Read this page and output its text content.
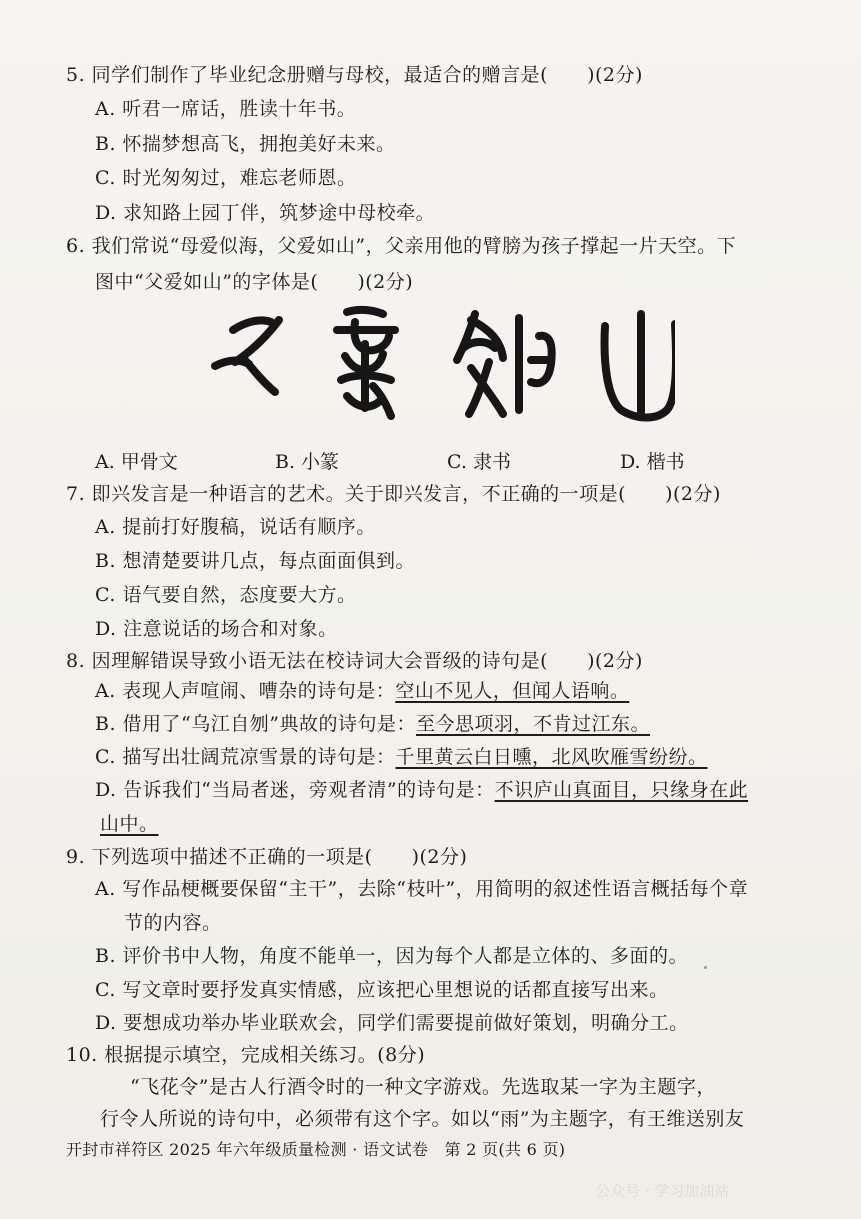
5. 同学们制作了毕业纪念册赠与母校，最适合的赠言是(　　)(2分)
A. 听君一席话，胜读十年书。
B. 怀揣梦想高飞，拥抱美好未来。
C. 时光匆匆过，难忘老师恩。
D. 求知路上园丁伴，筑梦途中母校牵。
6. 我们常说“母爱似海，父爱如山”，父亲用他的臂膀为孩子撑起一片天空。下
图中“父爱如山”的字体是(　　)(2分)
A. 甲骨文	B. 小篆	C. 隶书	D. 楷书
7. 即兴发言是一种语言的艺术。关于即兴发言，不正确的一项是(　　)(2分)
A. 提前打好腹稿，说话有顺序。
B. 想清楚要讲几点，每点面面俱到。
C. 语气要自然，态度要大方。
D. 注意说话的场合和对象。
8. 因理解错误导致小语无法在校诗词大会晋级的诗句是(　　)(2分)
A. 表现人声喧闹、嘈杂的诗句是：空山不见人，但闻人语响。
B. 借用了“乌江自刎”典故的诗句是：至今思项羽，不肯过江东。
C. 描写出壮阔荒凉雪景的诗句是：千里黄云白日曛，北风吹雁雪纷纷。
D. 告诉我们“当局者迷，旁观者清”的诗句是：不识庐山真面目，只缘身在此
山中。
9. 下列选项中描述不正确的一项是(　　)(2分)
A. 写作品梗概要保留“主干”，去除“枝叶”，用简明的叙述性语言概括每个章
节的内容。
B. 评价书中人物，角度不能单一，因为每个人都是立体的、多面的。
C. 写文章时要抒发真实情感，应该把心里想说的话都直接写出来。
D. 要想成功举办毕业联欢会，同学们需要提前做好策划，明确分工。
10. 根据提示填空，完成相关练习。(8分)
“飞花令”是古人行酒令时的一种文字游戏。先选取某一字为主题字，
行令人所说的诗句中，必须带有这个字。如以“雨”为主题字，有王维送别友
开封市祥符区 2025 年六年级质量检测 · 语文试卷　第 2 页(共 6 页)
公众号 · 学习加油站
